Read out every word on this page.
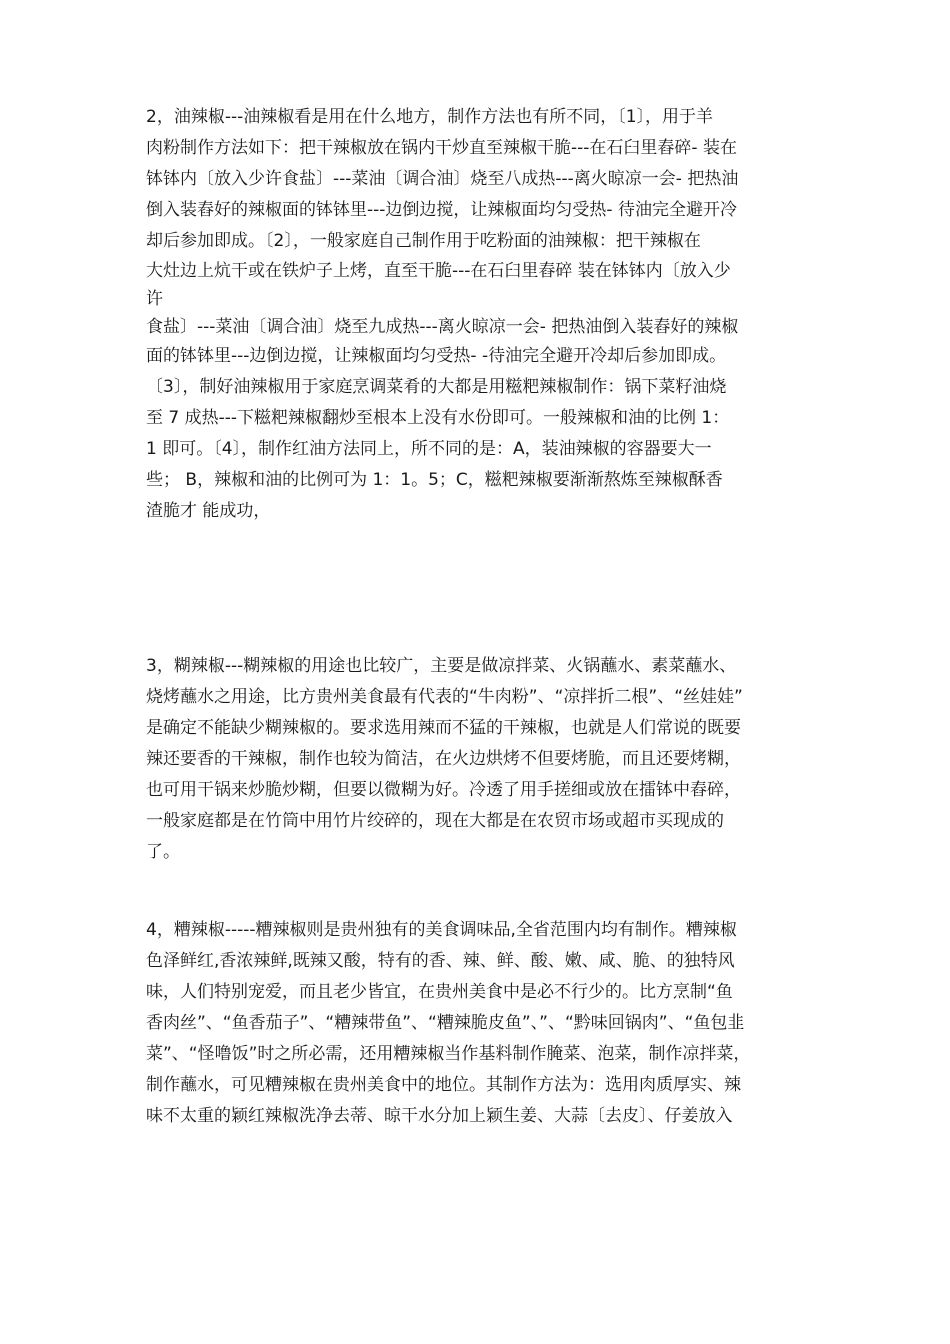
2，油辣椒---油辣椒看是用在什么地方，制作方法也有所不同，〔1〕，用于羊
肉粉制作方法如下：把干辣椒放在锅内干炒直至辣椒干脆---在石臼里舂碎- 装在
钵钵内〔放入少许食盐〕---菜油〔调合油〕烧至八成热---离火晾凉一会- 把热油
倒入装舂好的辣椒面的钵钵里---边倒边搅，让辣椒面均匀受热- 待油完全避开冷
却后参加即成。〔2〕，一般家庭自己制作用于吃粉面的油辣椒：把干辣椒在
大灶边上炕干或在铁炉子上烤，直至干脆---在石臼里舂碎 装在钵钵内〔放入少
许
食盐〕---菜油〔调合油〕烧至九成热---离火晾凉一会- 把热油倒入装舂好的辣椒
面的钵钵里---边倒边搅，让辣椒面均匀受热- -待油完全避开冷却后参加即成。
〔3〕，制好油辣椒用于家庭烹调菜肴的大都是用糍粑辣椒制作：锅下菜籽油烧
至 7 成热---下糍粑辣椒翻炒至根本上没有水份即可。一般辣椒和油的比例 1：
1 即可。〔4〕，制作红油方法同上，所不同的是：A，装油辣椒的容器要大一
些； B，辣椒和油的比例可为 1：1。5；C，糍粑辣椒要渐渐熬炼至辣椒酥香
渣脆才 能成功，
3，糊辣椒---糊辣椒的用途也比较广，主要是做凉拌菜、火锅蘸水、素菜蘸水、
烧烤蘸水之用途，比方贵州美食最有代表的“牛肉粉”、“凉拌折二根”、“丝娃娃”
是确定不能缺少糊辣椒的。要求选用辣而不猛的干辣椒，也就是人们常说的既要
辣还要香的干辣椒，制作也较为简洁，在火边烘烤不但要烤脆，而且还要烤糊，
也可用干锅来炒脆炒糊，但要以微糊为好。冷透了用手搓细或放在擂钵中舂碎，
一般家庭都是在竹筒中用竹片绞碎的，现在大都是在农贸市场或超市买现成的
了。
4，糟辣椒-----糟辣椒则是贵州独有的美食调味品,全省范围内均有制作。糟辣椒
色泽鲜红,香浓辣鲜,既辣又酸，特有的香、辣、鲜、酸、嫩、咸、脆、的独特风
味，人们特别宠爱，而且老少皆宜，在贵州美食中是必不行少的。比方烹制“鱼
香肉丝”、“鱼香茄子”、“糟辣带鱼”、“糟辣脆皮鱼”、”、“黔味回锅肉”、“鱼包韭
菜”、“怪噜饭”时之所必需，还用糟辣椒当作基料制作腌菜、泡菜，制作凉拌菜，
制作蘸水，可见糟辣椒在贵州美食中的地位。其制作方法为：选用肉质厚实、辣
味不太重的颖红辣椒洗净去蒂、晾干水分加上颖生姜、大蒜〔去皮〕、仔姜放入
